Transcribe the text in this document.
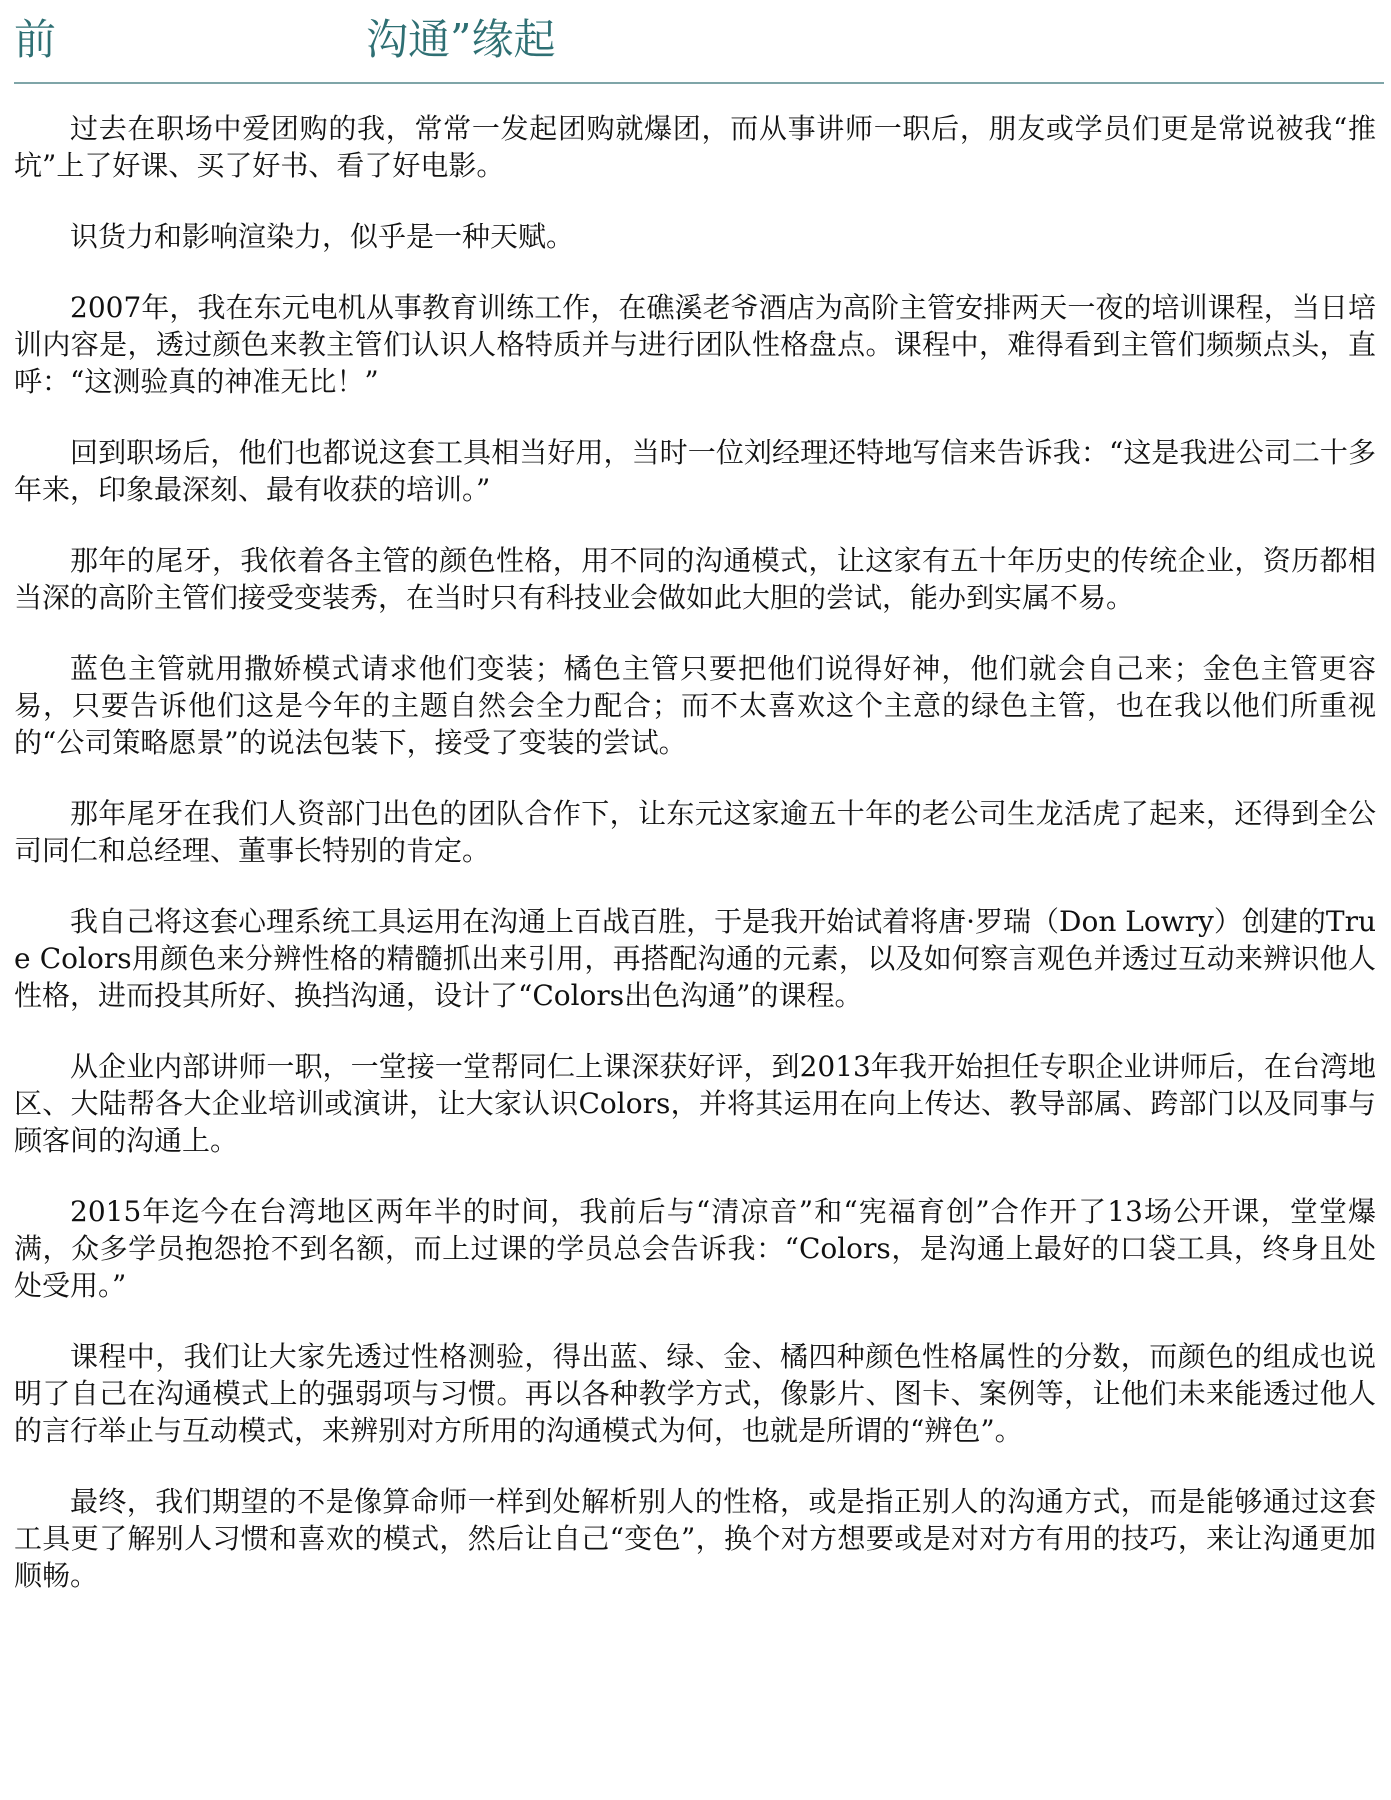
前	沟通”缘起

过去在职场中爱团购的我，常常一发起团购就爆团，而从事讲师一职后，朋友或学员们更是常说被我“推坑”上了好课、买了好书、看了好电影。

识货力和影响渲染力，似乎是一种天赋。

2007年，我在东元电机从事教育训练工作，在礁溪老爷酒店为高阶主管安排两天一夜的培训课程，当日培训内容是，透过颜色来教主管们认识人格特质并与进行团队性格盘点。课程中，难得看到主管们频频点头，直呼：“这测验真的神准无比！”

回到职场后，他们也都说这套工具相当好用，当时一位刘经理还特地写信来告诉我：“这是我进公司二十多年来，印象最深刻、最有收获的培训。”

那年的尾牙，我依着各主管的颜色性格，用不同的沟通模式，让这家有五十年历史的传统企业，资历都相当深的高阶主管们接受变装秀，在当时只有科技业会做如此大胆的尝试，能办到实属不易。

蓝色主管就用撒娇模式请求他们变装；橘色主管只要把他们说得好神，他们就会自己来；金色主管更容易，只要告诉他们这是今年的主题自然会全力配合；而不太喜欢这个主意的绿色主管，也在我以他们所重视的“公司策略愿景”的说法包装下，接受了变装的尝试。

那年尾牙在我们人资部门出色的团队合作下，让东元这家逾五十年的老公司生龙活虎了起来，还得到全公司同仁和总经理、董事长特别的肯定。

我自己将这套心理系统工具运用在沟通上百战百胜，于是我开始试着将唐·罗瑞（Don Lowry）创建的True Colors用颜色来分辨性格的精髓抓出来引用，再搭配沟通的元素，以及如何察言观色并透过互动来辨识他人性格，进而投其所好、换挡沟通，设计了“Colors出色沟通”的课程。

从企业内部讲师一职，一堂接一堂帮同仁上课深获好评，到2013年我开始担任专职企业讲师后，在台湾地区、大陆帮各大企业培训或演讲，让大家认识Colors，并将其运用在向上传达、教导部属、跨部门以及同事与顾客间的沟通上。

2015年迄今在台湾地区两年半的时间，我前后与“清凉音”和“宪福育创”合作开了13场公开课，堂堂爆满，众多学员抱怨抢不到名额，而上过课的学员总会告诉我：“Colors，是沟通上最好的口袋工具，终身且处处受用。”

课程中，我们让大家先透过性格测验，得出蓝、绿、金、橘四种颜色性格属性的分数，而颜色的组成也说明了自己在沟通模式上的强弱项与习惯。再以各种教学方式，像影片、图卡、案例等，让他们未来能透过他人的言行举止与互动模式，来辨别对方所用的沟通模式为何，也就是所谓的“辨色”。

最终，我们期望的不是像算命师一样到处解析别人的性格，或是指正别人的沟通方式，而是能够通过这套工具更了解别人习惯和喜欢的模式，然后让自己“变色”，换个对方想要或是对对方有用的技巧，来让沟通更加顺畅。
